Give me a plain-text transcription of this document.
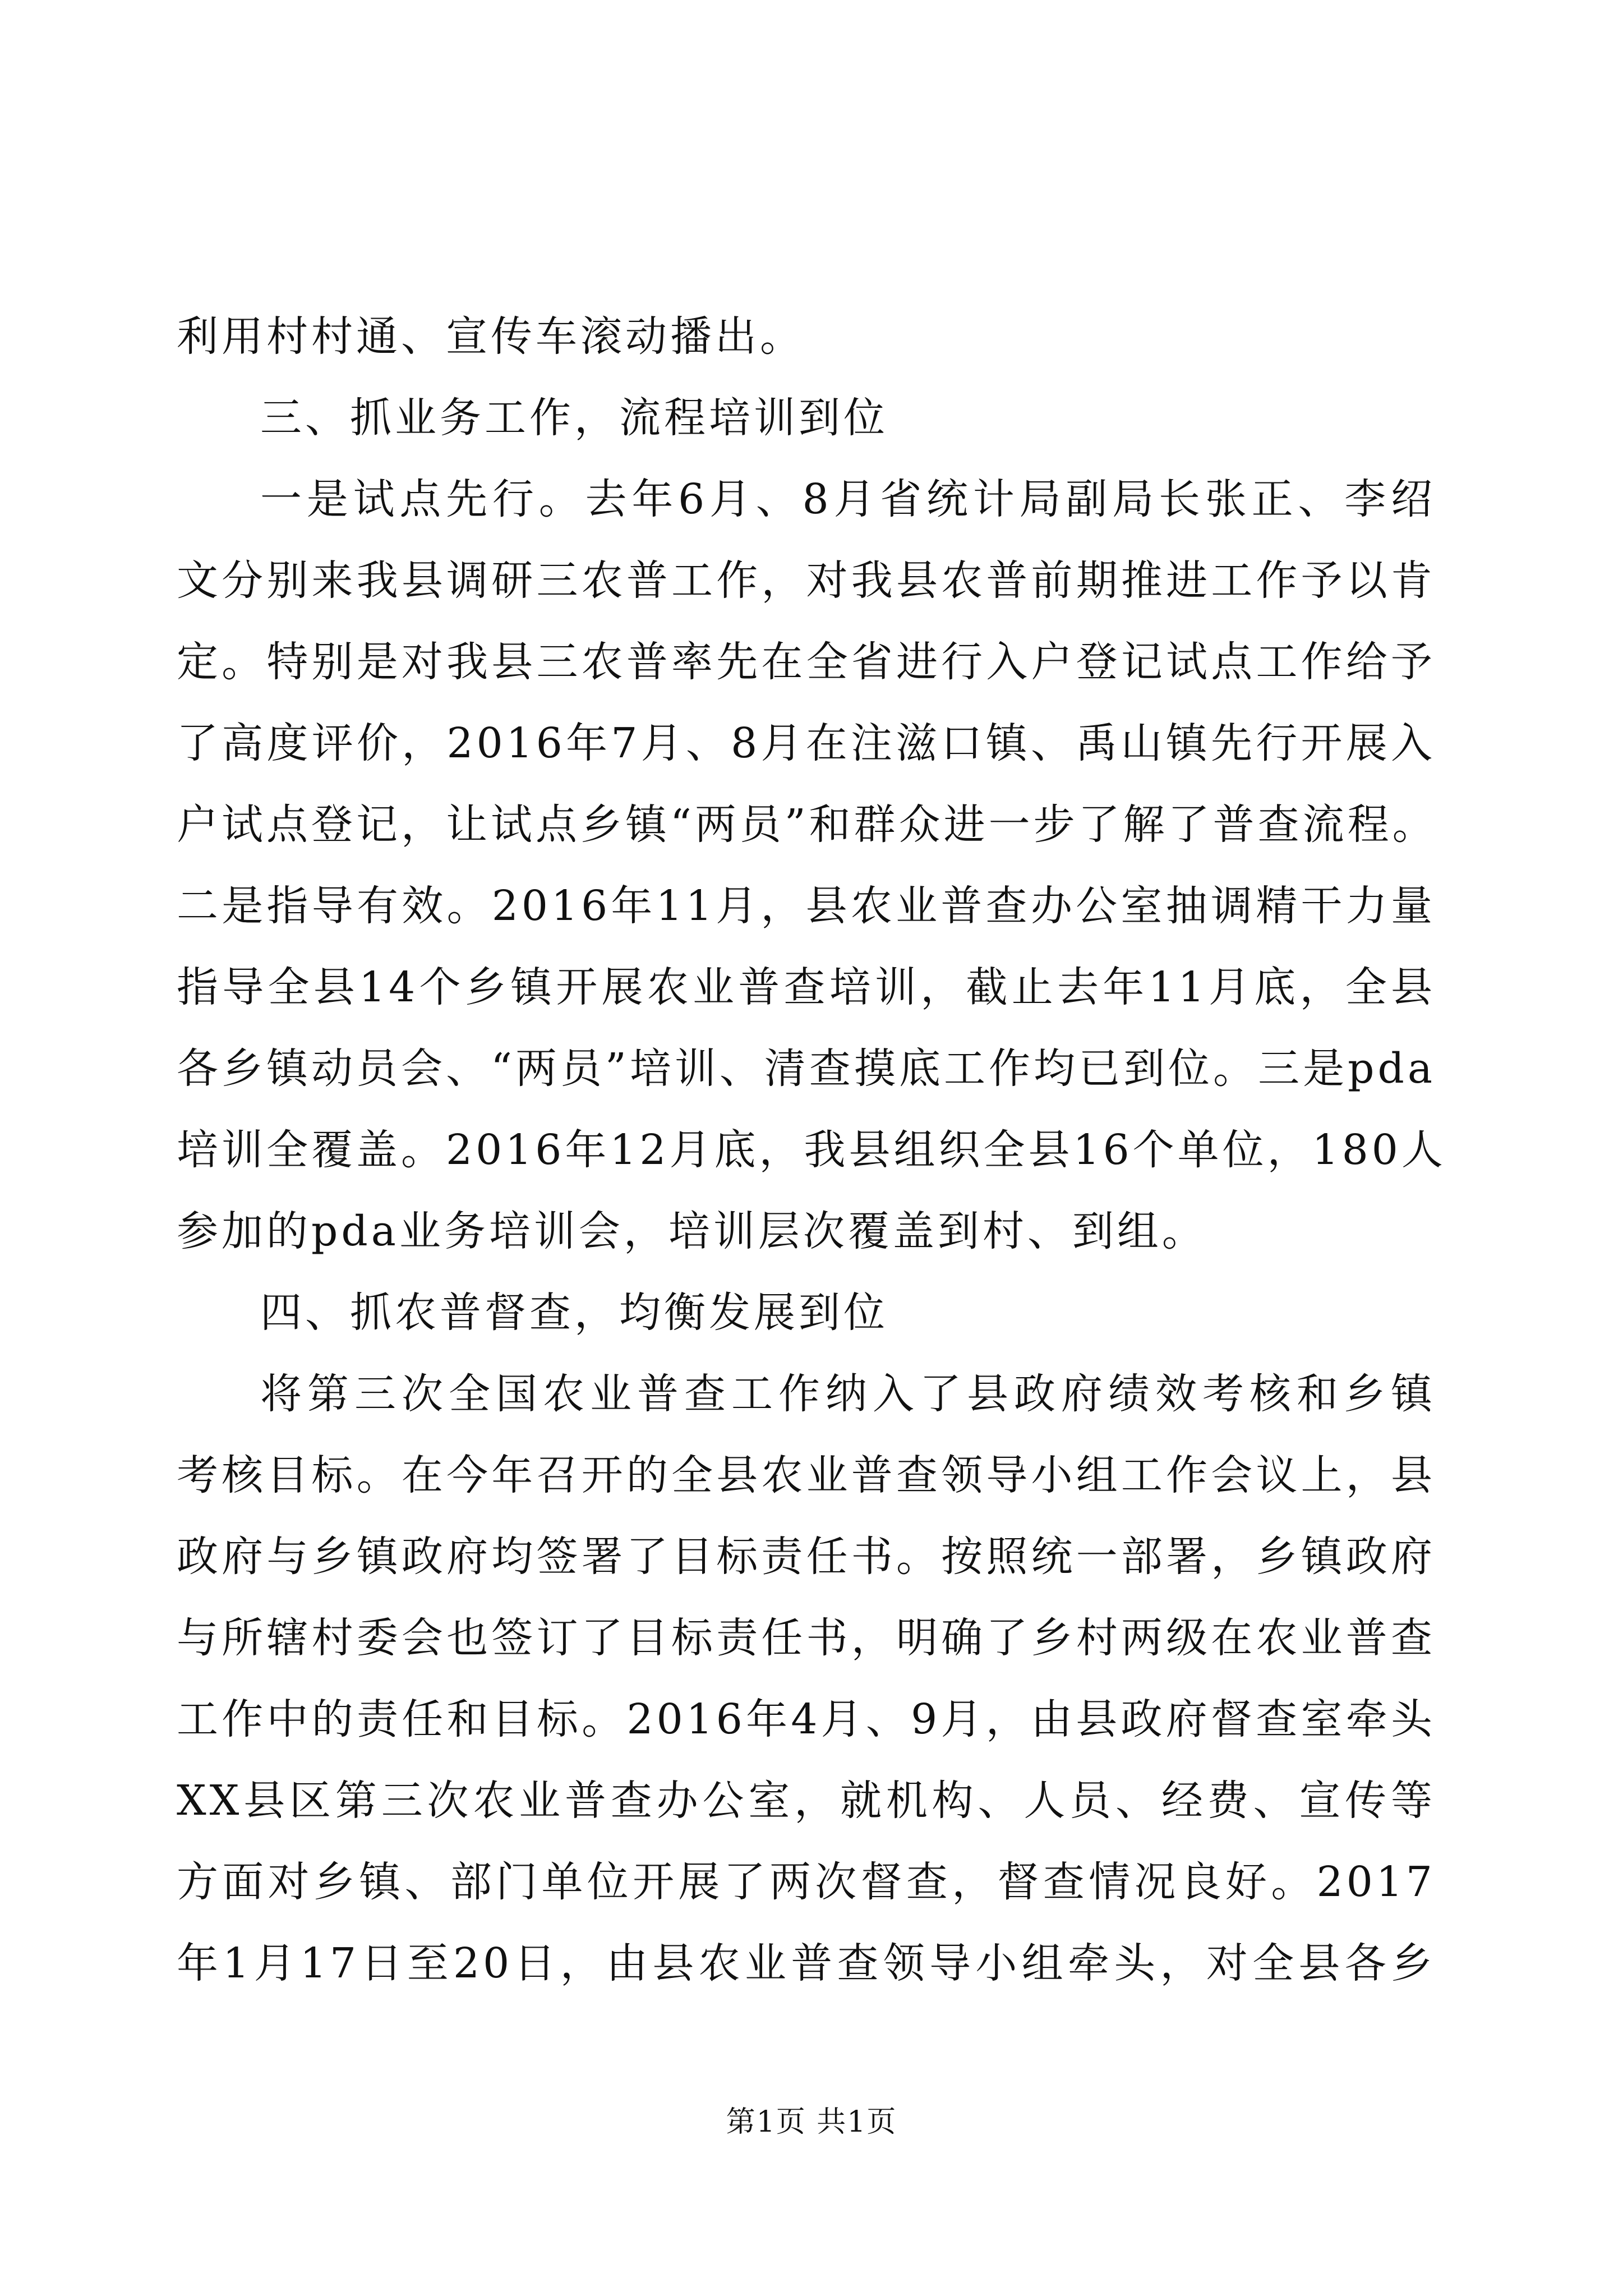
利用村村通、宣传车滚动播出。
三、抓业务工作，流程培训到位
一是试点先行。去年6月、8月省统计局副局长张正、李绍
文分别来我县调研三农普工作，对我县农普前期推进工作予以肯
定。特别是对我县三农普率先在全省进行入户登记试点工作给予
了高度评价，2016年7月、8月在注滋口镇、禹山镇先行开展入
户试点登记，让试点乡镇“两员”和群众进一步了解了普查流程。
二是指导有效。2016年11月，县农业普查办公室抽调精干力量
指导全县14个乡镇开展农业普查培训，截止去年11月底，全县
各乡镇动员会、“两员”培训、清查摸底工作均已到位。三是pda
培训全覆盖。2016年12月底，我县组织全县16个单位，180人
参加的pda业务培训会，培训层次覆盖到村、到组。
四、抓农普督查，均衡发展到位
将第三次全国农业普查工作纳入了县政府绩效考核和乡镇
考核目标。在今年召开的全县农业普查领导小组工作会议上，县
政府与乡镇政府均签署了目标责任书。按照统一部署，乡镇政府
与所辖村委会也签订了目标责任书，明确了乡村两级在农业普查
工作中的责任和目标。2016年4月、9月，由县政府督查室牵头
XX县区第三次农业普查办公室，就机构、人员、经费、宣传等
方面对乡镇、部门单位开展了两次督查，督查情况良好。2017
年1月17日至20日，由县农业普查领导小组牵头，对全县各乡
第1页 共1页
